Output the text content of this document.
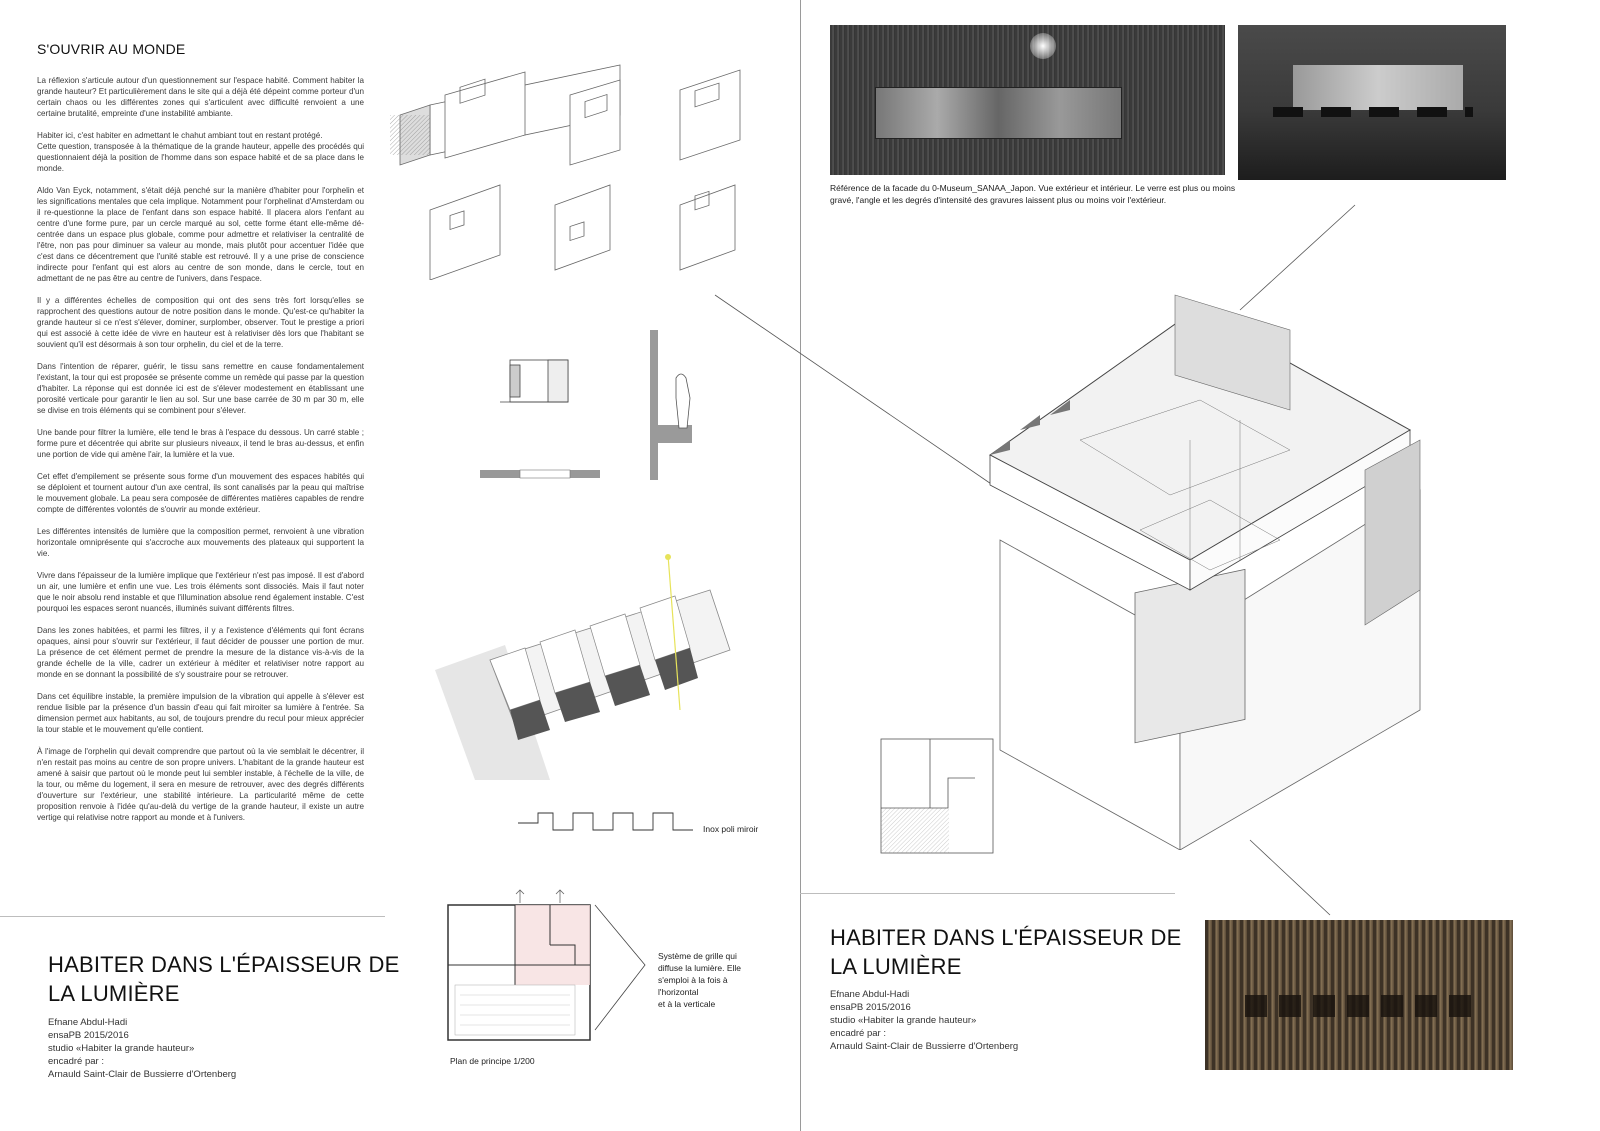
S'OUVRIR AU MONDE

La réflexion s'articule autour d'un questionnement sur l'espace habité. Comment habiter la grande hauteur? Et particulièrement dans le site qui a déjà été dépeint comme porteur d'un certain chaos ou les différentes zones qui s'articulent avec difficulté renvoient a une certaine brutalité, empreinte d'une instabilité ambiante.

Habiter ici, c'est habiter en admettant le chahut ambiant tout en restant protégé.
Cette question, transposée à la thématique de la grande hauteur, appelle des procédés qui questionnaient déjà la position de l'homme dans son espace habité et de sa place dans le monde.

Aldo Van Eyck, notamment, s'était déjà penché sur la manière d'habiter pour l'orphelin et les significations mentales que cela implique. Notamment pour l'orphelinat d'Amsterdam ou il re-questionne la place de l'enfant dans son espace habité. Il placera alors l'enfant au centre d'une forme pure, par un cercle marqué au sol, cette forme étant elle-même dé-centrée dans un espace plus globale, comme pour admettre et relativiser la centralité de l'être, non pas pour diminuer sa valeur au monde, mais plutôt pour accentuer l'idée que c'est dans ce décentrement que l'unité stable est retrouvé. Il y a une prise de conscience indirecte pour l'enfant qui est alors au centre de son monde, dans le cercle, tout en admettant de ne pas être au centre de l'univers, dans l'espace.

Il y a différentes échelles de composition qui ont des sens très fort lorsqu'elles se rapprochent des questions autour de notre position dans le monde. Qu'est-ce qu'habiter la grande hauteur si ce n'est s'élever, dominer, surplomber, observer. Tout le prestige a priori qui est associé à cette idée de vivre en hauteur est à relativiser dès lors que l'habitant se souvient qu'il est désormais à son tour orphelin, du ciel et de la terre.

Dans l'intention de réparer, guérir, le tissu sans remettre en cause fondamentalement l'existant, la tour qui est proposée se présente comme un remède qui passe par la question d'habiter. La réponse qui est donnée ici est de s'élever modestement en établissant une porosité verticale pour garantir le lien au sol. Sur une base carrée de 30 m par 30 m, elle se divise en trois éléments qui se combinent pour s'élever.

Une bande pour filtrer la lumière, elle tend le bras à l'espace du dessous. Un carré stable ; forme pure et décentrée qui abrite sur plusieurs niveaux, il tend le bras au-dessus, et enfin une portion de vide qui amène l'air, la lumière et la vue.

Cet effet d'empilement se présente sous forme d'un mouvement des espaces habités qui se déploient et tournent autour d'un axe central, ils sont canalisés par la peau qui maîtrise le mouvement globale. La peau sera composée de différentes matières capables de rendre compte de différentes volontés de s'ouvrir au monde extérieur.

Les différentes intensités de lumière que la composition permet, renvoient à une vibration horizontale omniprésente qui s'accroche aux mouvements des plateaux qui supportent la vie.

Vivre dans l'épaisseur de la lumière implique que l'extérieur n'est pas imposé. Il est d'abord un air, une lumière et enfin une vue. Les trois éléments sont dissociés. Mais il faut noter que le noir absolu rend instable et que l'illumination absolue rend également instable. C'est pourquoi les espaces seront nuancés, illuminés suivant différents filtres.

Dans les zones habitées, et parmi les filtres, il y a l'existence d'éléments qui font écrans opaques, ainsi pour s'ouvrir sur l'extérieur, il faut décider de pousser une portion de mur. La présence de cet élément permet de prendre la mesure de la distance vis-à-vis de la grande échelle de la ville, cadrer un extérieur à méditer et relativiser notre rapport au monde en se donnant la possibilité de s'y soustraire pour se retrouver.

Dans cet équilibre instable, la première impulsion de la vibration qui appelle à s'élever est rendue lisible par la présence d'un bassin d'eau qui fait miroiter sa lumière à l'entrée. Sa dimension permet aux habitants, au sol, de toujours prendre du recul pour mieux apprécier la tour stable et le mouvement qu'elle contient.

À l'image de l'orphelin qui devait comprendre que partout où la vie semblait le décentrer, il n'en restait pas moins au centre de son propre univers. L'habitant de la grande hauteur est amené à saisir que partout où le monde peut lui sembler instable, à l'échelle de la ville, de la tour, ou même du logement, il sera en mesure de retrouver, avec des degrés différents d'ouverture sur l'extérieur, une stabilité intérieure. La particularité même de cette proposition renvoie à l'idée qu'au-delà du vertige de la grande hauteur, il existe un autre vertige qui relativise notre rapport au monde et à l'univers.

HABITER DANS L'ÉPAISSEUR DE
LA LUMIÈRE
Efnane Abdul-Hadi
ensaPB 2015/2016
studio «Habiter la grande hauteur»
encadré par :
Arnauld Saint-Clair de Bussierre d'Ortenberg
Inox poli miroir
Système de grille qui
diffuse la lumière. Elle
s'emploi à la fois à
l'horizontal
et à la verticale
Plan de principe 1/200
Référence de la facade du 0-Museum_SANAA_Japon. Vue extérieur et intérieur. Le verre est plus ou moins
gravé, l'angle et les degrés d'intensité des gravures laissent plus ou moins voir l'extérieur.
HABITER DANS L'ÉPAISSEUR DE
LA LUMIÈRE
Efnane Abdul-Hadi
ensaPB 2015/2016
studio «Habiter la grande hauteur»
encadré par :
Arnauld Saint-Clair de Bussierre d'Ortenberg
